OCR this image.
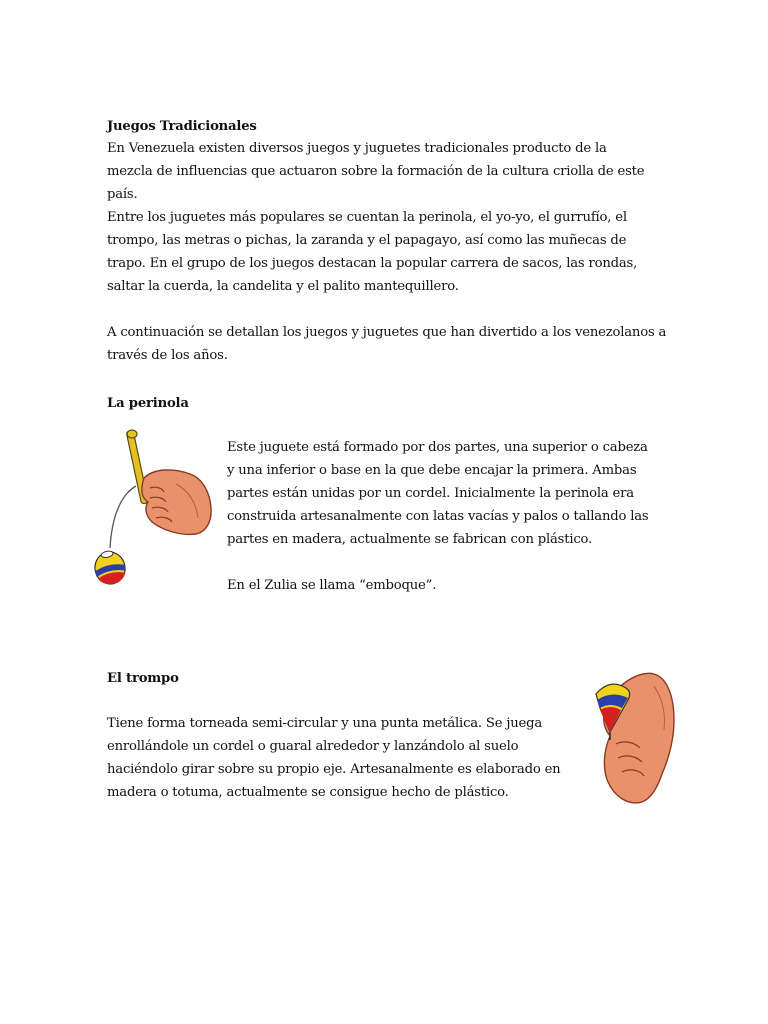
Juegos Tradicionales

En Venezuela existen diversos juegos y juguetes tradicionales producto de la mezcla de influencias que actuaron sobre la formación de la cultura criolla de este país.

Entre los juguetes más populares se cuentan la perinola, el yo-yo, el gurrufío, el trompo, las metras o pichas, la zaranda y el papagayo, así como las muñecas de trapo. En el grupo de los juegos destacan la popular carrera de sacos, las rondas, saltar la cuerda, la candelita y el palito mantequillero.

A continuación se detallan los juegos y juguetes que han divertido a los venezolanos a través de los años.

La perinola

Este juguete está formado por dos partes, una superior o cabeza y una inferior o base en la que debe encajar la primera. Ambas partes están unidas por un cordel. Inicialmente la perinola era construida artesanalmente con latas vacías y palos o tallando las partes en madera, actualmente se fabrican con plástico.

En el Zulia se llama “emboque”.

El trompo

Tiene forma torneada semi-circular y una punta metálica. Se juega enrollándole un cordel o guaral alrededor y lanzándolo al suelo haciéndolo girar sobre su propio eje. Artesanalmente es elaborado en madera o totuma, actualmente se consigue hecho de plástico.
